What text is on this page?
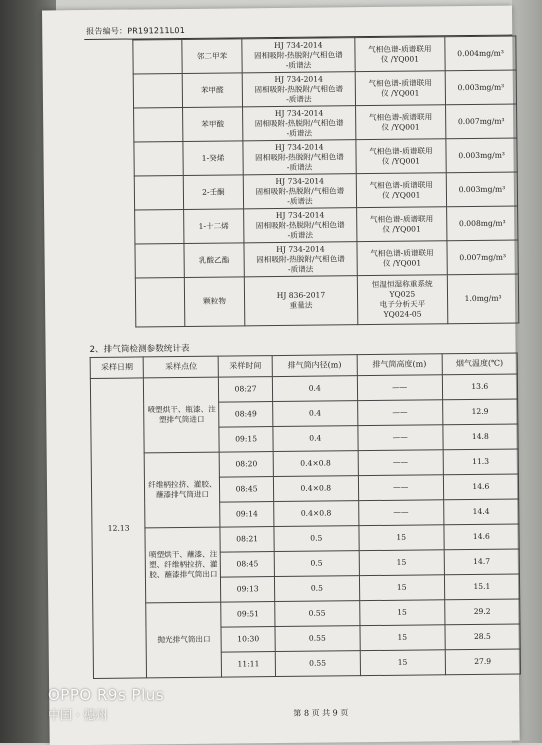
报告编号：PR191211L01
	邻二甲苯	HJ 734-2014
固相吸附-热脱附/气相色谱
-质谱法	气相色谱-质谱联用
仪 /YQ001	0.004mg/m³
	苯甲醛	HJ 734-2014
固相吸附-热脱附/气相色谱
-质谱法	气相色谱-质谱联用
仪 /YQ001	0.003mg/m³
	苯甲酸	HJ 734-2014
固相吸附-热脱附/气相色谱
-质谱法	气相色谱-质谱联用
仪 /YQ001	0.007mg/m³
	1-癸烯	HJ 734-2014
固相吸附-热脱附/气相色谱
-质谱法	气相色谱-质谱联用
仪 /YQ001	0.003mg/m³
	2-壬酮	HJ 734-2014
固相吸附-热脱附/气相色谱
-质谱法	气相色谱-质谱联用
仪 /YQ001	0.003mg/m³
	1-十二烯	HJ 734-2014
固相吸附-热脱附/气相色谱
-质谱法	气相色谱-质谱联用
仪 /YQ001	0.008mg/m³
	乳酸乙酯	HJ 734-2014
固相吸附-热脱附/气相色谱
-质谱法	气相色谱-质谱联用
仪 /YQ001	0.007mg/m³
	颗粒物	HJ 836-2017
重量法	恒温恒湿称重系统
YQ025
电子分析天平
YQ024-05	1.0mg/m³
2、排气筒检测参数统计表
采样日期	采样点位	采样时间	排气筒内径(m)	排气筒高度(m)	烟气温度(℃)
12.13	喷塑烘干、瓶漆、注塑排气筒进口	08:27	0.4	——	13.6
		08:49	0.4	——	12.9
		09:15	0.4	——	14.8
	纤维柄拉挤、灌胶、蘸漆排气筒进口	08:20	0.4×0.8	——	11.3
		08:45	0.4×0.8	——	14.6
		09:14	0.4×0.8	——	14.4
	喷塑烘干、蘸漆、注塑、纤维柄拉挤、灌胶、蘸漆排气筒出口	08:21	0.5	15	14.6
		08:45	0.5	15	14.7
		09:13	0.5	15	15.1
	抛光排气筒出口	09:51	0.55	15	29.2
		10:30	0.55	15	28.5
		11:11	0.55	15	27.9
第 8 页 共 9 页
OPPO R9s Plus
中国 · 德州
